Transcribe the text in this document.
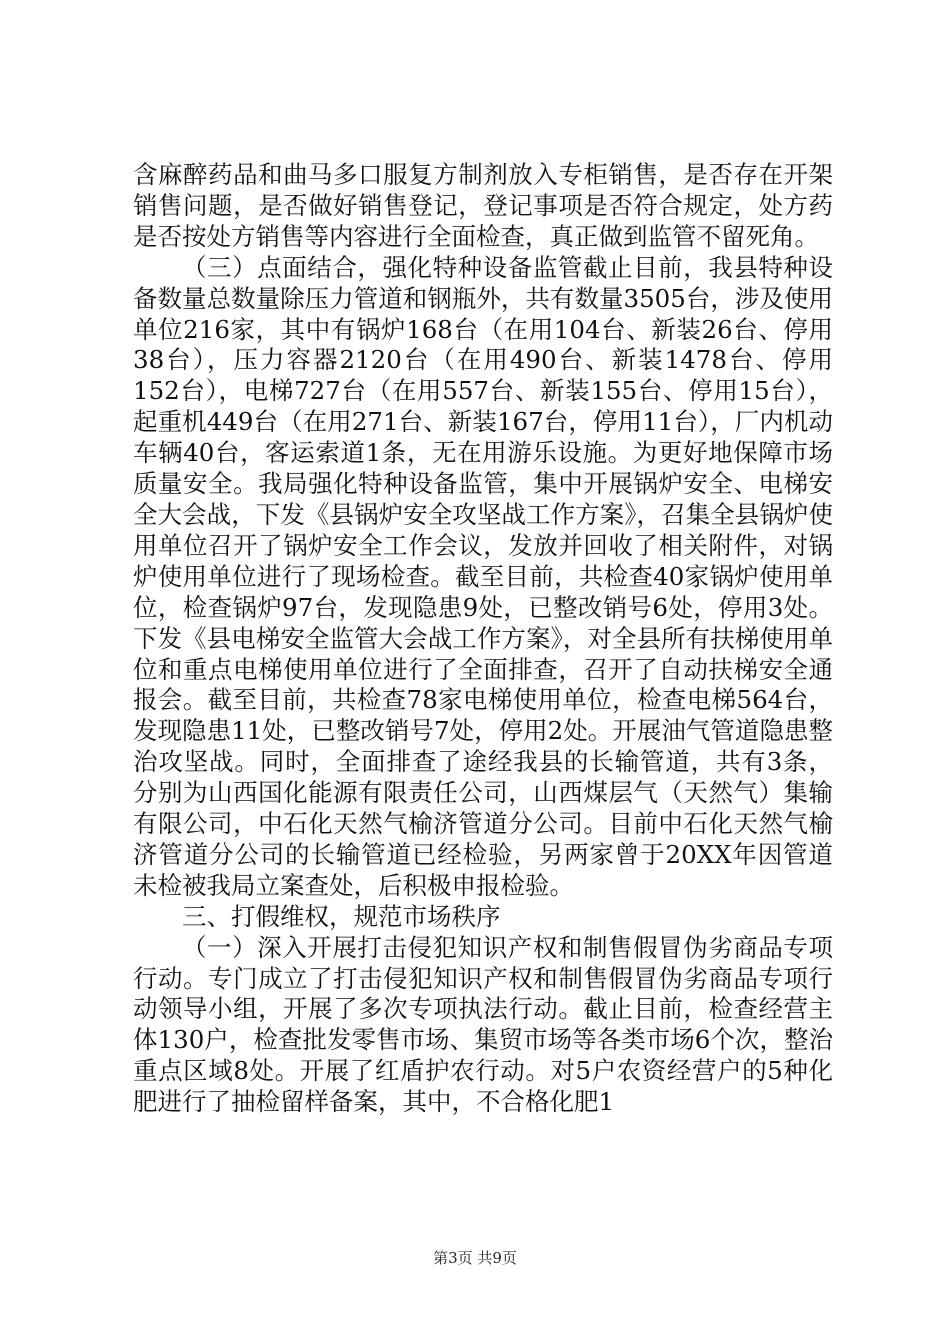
含麻醉药品和曲马多口服复方制剂放入专柜销售，是否存在开架销售问题，是否做好销售登记，登记事项是否符合规定，处方药是否按处方销售等内容进行全面检查，真正做到监管不留死角。

（三）点面结合，强化特种设备监管截止目前，我县特种设备数量总数量除压力管道和钢瓶外，共有数量3505台，涉及使用单位216家，其中有锅炉168台（在用104台、新装26台、停用38台），压力容器2120台（在用490台、新装1478台、停用152台），电梯727台（在用557台、新装155台、停用15台），起重机449台（在用271台、新装167台，停用11台），厂内机动车辆40台，客运索道1条，无在用游乐设施。为更好地保障市场质量安全。我局强化特种设备监管，集中开展锅炉安全、电梯安全大会战，下发《县锅炉安全攻坚战工作方案》，召集全县锅炉使用单位召开了锅炉安全工作会议，发放并回收了相关附件，对锅炉使用单位进行了现场检查。截至目前，共检查40家锅炉使用单位，检查锅炉97台，发现隐患9处，已整改销号6处，停用3处。下发《县电梯安全监管大会战工作方案》，对全县所有扶梯使用单位和重点电梯使用单位进行了全面排查，召开了自动扶梯安全通报会。截至目前，共检查78家电梯使用单位，检查电梯564台，发现隐患11处，已整改销号7处，停用2处。开展油气管道隐患整治攻坚战。同时，全面排查了途经我县的长输管道，共有3条，分别为山西国化能源有限责任公司，山西煤层气（天然气）集输有限公司，中石化天然气榆济管道分公司。目前中石化天然气榆济管道分公司的长输管道已经检验，另两家曾于20XX年因管道未检被我局立案查处，后积极申报检验。

三、打假维权，规范市场秩序

（一）深入开展打击侵犯知识产权和制售假冒伪劣商品专项行动。专门成立了打击侵犯知识产权和制售假冒伪劣商品专项行动领导小组，开展了多次专项执法行动。截止目前，检查经营主体130户，检查批发零售市场、集贸市场等各类市场6个次，整治重点区域8处。开展了红盾护农行动。对5户农资经营户的5种化肥进行了抽检留样备案，其中，不合格化肥1

第3页 共9页
